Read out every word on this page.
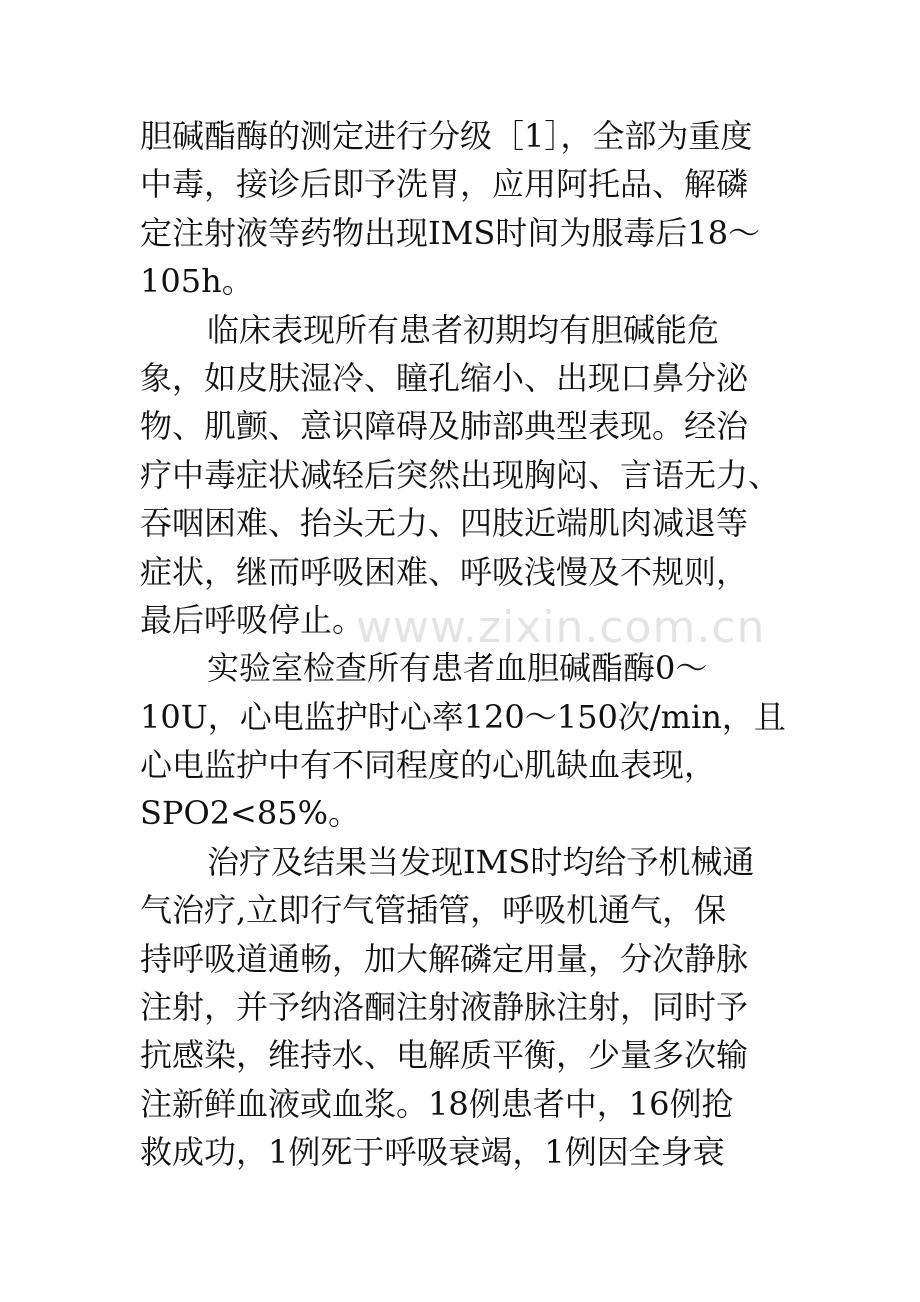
胆碱酯酶的测定进行分级［1］，全部为重度
中毒，接诊后即予洗胃，应用阿托品、解磷
定注射液等药物出现IMS时间为服毒后18～
105h。
临床表现所有患者初期均有胆碱能危
象，如皮肤湿冷、瞳孔缩小、出现口鼻分泌
物、肌颤、意识障碍及肺部典型表现。经治
疗中毒症状减轻后突然出现胸闷、言语无力、
吞咽困难、抬头无力、四肢近端肌肉减退等
症状，继而呼吸困难、呼吸浅慢及不规则，
最后呼吸停止。
实验室检查所有患者血胆碱酯酶0～
10U，心电监护时心率120～150次/min，且
心电监护中有不同程度的心肌缺血表现，
SPO2<85%。
治疗及结果当发现IMS时均给予机械通
气治疗,立即行气管插管，呼吸机通气，保
持呼吸道通畅，加大解磷定用量，分次静脉
注射，并予纳洛酮注射液静脉注射，同时予
抗感染，维持水、电解质平衡，少量多次输
注新鲜血液或血浆。18例患者中，16例抢
救成功，1例死于呼吸衰竭，1例因全身衰
www.zixin.com.cn
